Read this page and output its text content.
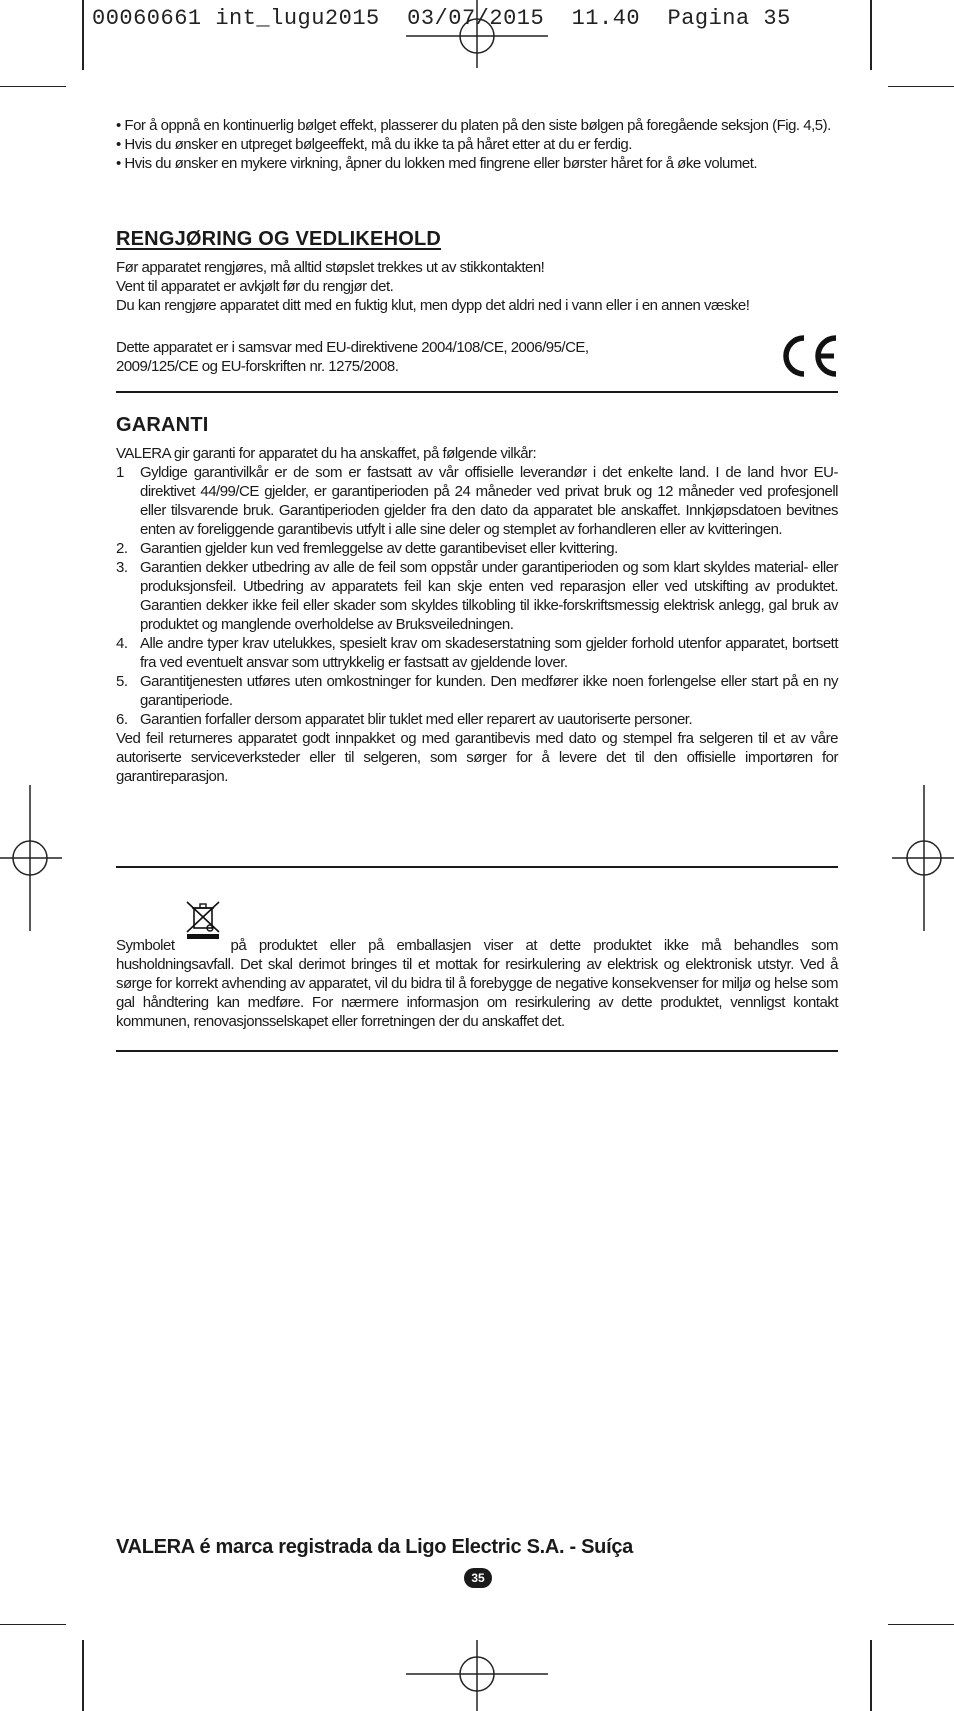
00060661 int_lugu2015  03/07/2015  11.40  Pagina 35
• For å oppnå en kontinuerlig bølget effekt, plasserer du platen på den siste bølgen på foregående seksjon (Fig. 4,5).
• Hvis du ønsker en utpreget bølgeeffekt, må du ikke ta på håret etter at du er ferdig.
• Hvis du ønsker en mykere virkning, åpner du lokken med fingrene eller børster håret for å øke volumet.
RENGJØRING OG VEDLIKEHOLD
Før apparatet rengjøres, må alltid støpslet trekkes ut av stikkontakten!
Vent til apparatet er avkjølt før du rengjør det.
Du kan rengjøre apparatet ditt med en fuktig klut, men dypp det aldri ned i vann eller i en annen væske!
Dette apparatet er i samsvar med EU-direktivene 2004/108/CE, 2006/95/CE,
2009/125/CE og EU-forskriften nr. 1275/2008.
GARANTI
VALERA gir garanti for apparatet du ha anskaffet, på følgende vilkår:
1 Gyldige garantivilkår er de som er fastsatt av vår offisielle leverandør i det enkelte land. I de land hvor EU-direktivet 44/99/CE gjelder, er garantiperioden på 24 måneder ved privat bruk og 12 måneder ved profesjonell eller tilsvarende bruk. Garantiperioden gjelder fra den dato da apparatet ble anskaffet. Innkjøpsdatoen bevitnes enten av foreliggende garantibevis utfylt i alle sine deler og stemplet av forhandleren eller av kvitteringen.
2. Garantien gjelder kun ved fremleggelse av dette garantibeviset eller kvittering.
3. Garantien dekker utbedring av alle de feil som oppstår under garantiperioden og som klart skyldes material- eller produksjonsfeil. Utbedring av apparatets feil kan skje enten ved reparasjon eller ved utskifting av produktet. Garantien dekker ikke feil eller skader som skyldes tilkobling til ikke-forskriftsmessig elektrisk anlegg, gal bruk av produktet og manglende overholdelse av Bruksveiledningen.
4. Alle andre typer krav utelukkes, spesielt krav om skadeserstatning som gjelder forhold utenfor apparatet, bortsett fra ved eventuelt ansvar som uttrykkelig er fastsatt av gjeldende lover.
5. Garantitjenesten utføres uten omkostninger for kunden. Den medfører ikke noen forlengelse eller start på en ny garantiperiode.
6. Garantien forfaller dersom apparatet blir tuklet med eller reparert av uautoriserte personer.
Ved feil returneres apparatet godt innpakket og med garantibevis med dato og stempel fra selgeren til et av våre autoriserte serviceverksteder eller til selgeren, som sørger for å levere det til den offisielle importøren for garantireparasjon.
Symbolet	på produktet eller på emballasjen viser at dette produktet ikke må behandles som husholdningsavfall. Det skal derimot bringes til et mottak for resirkulering av elektrisk og elektronisk utstyr. Ved å sørge for korrekt avhending av apparatet, vil du bidra til å forebygge de negative konsekvenser for miljø og helse som gal håndtering kan medføre. For nærmere informasjon om resirkulering av dette produktet, vennligst kontakt kommunen, renovasjonsselskapet eller forretningen der du anskaffet det.
VALERA é marca registrada da Ligo Electric S.A. - Suíça
35
